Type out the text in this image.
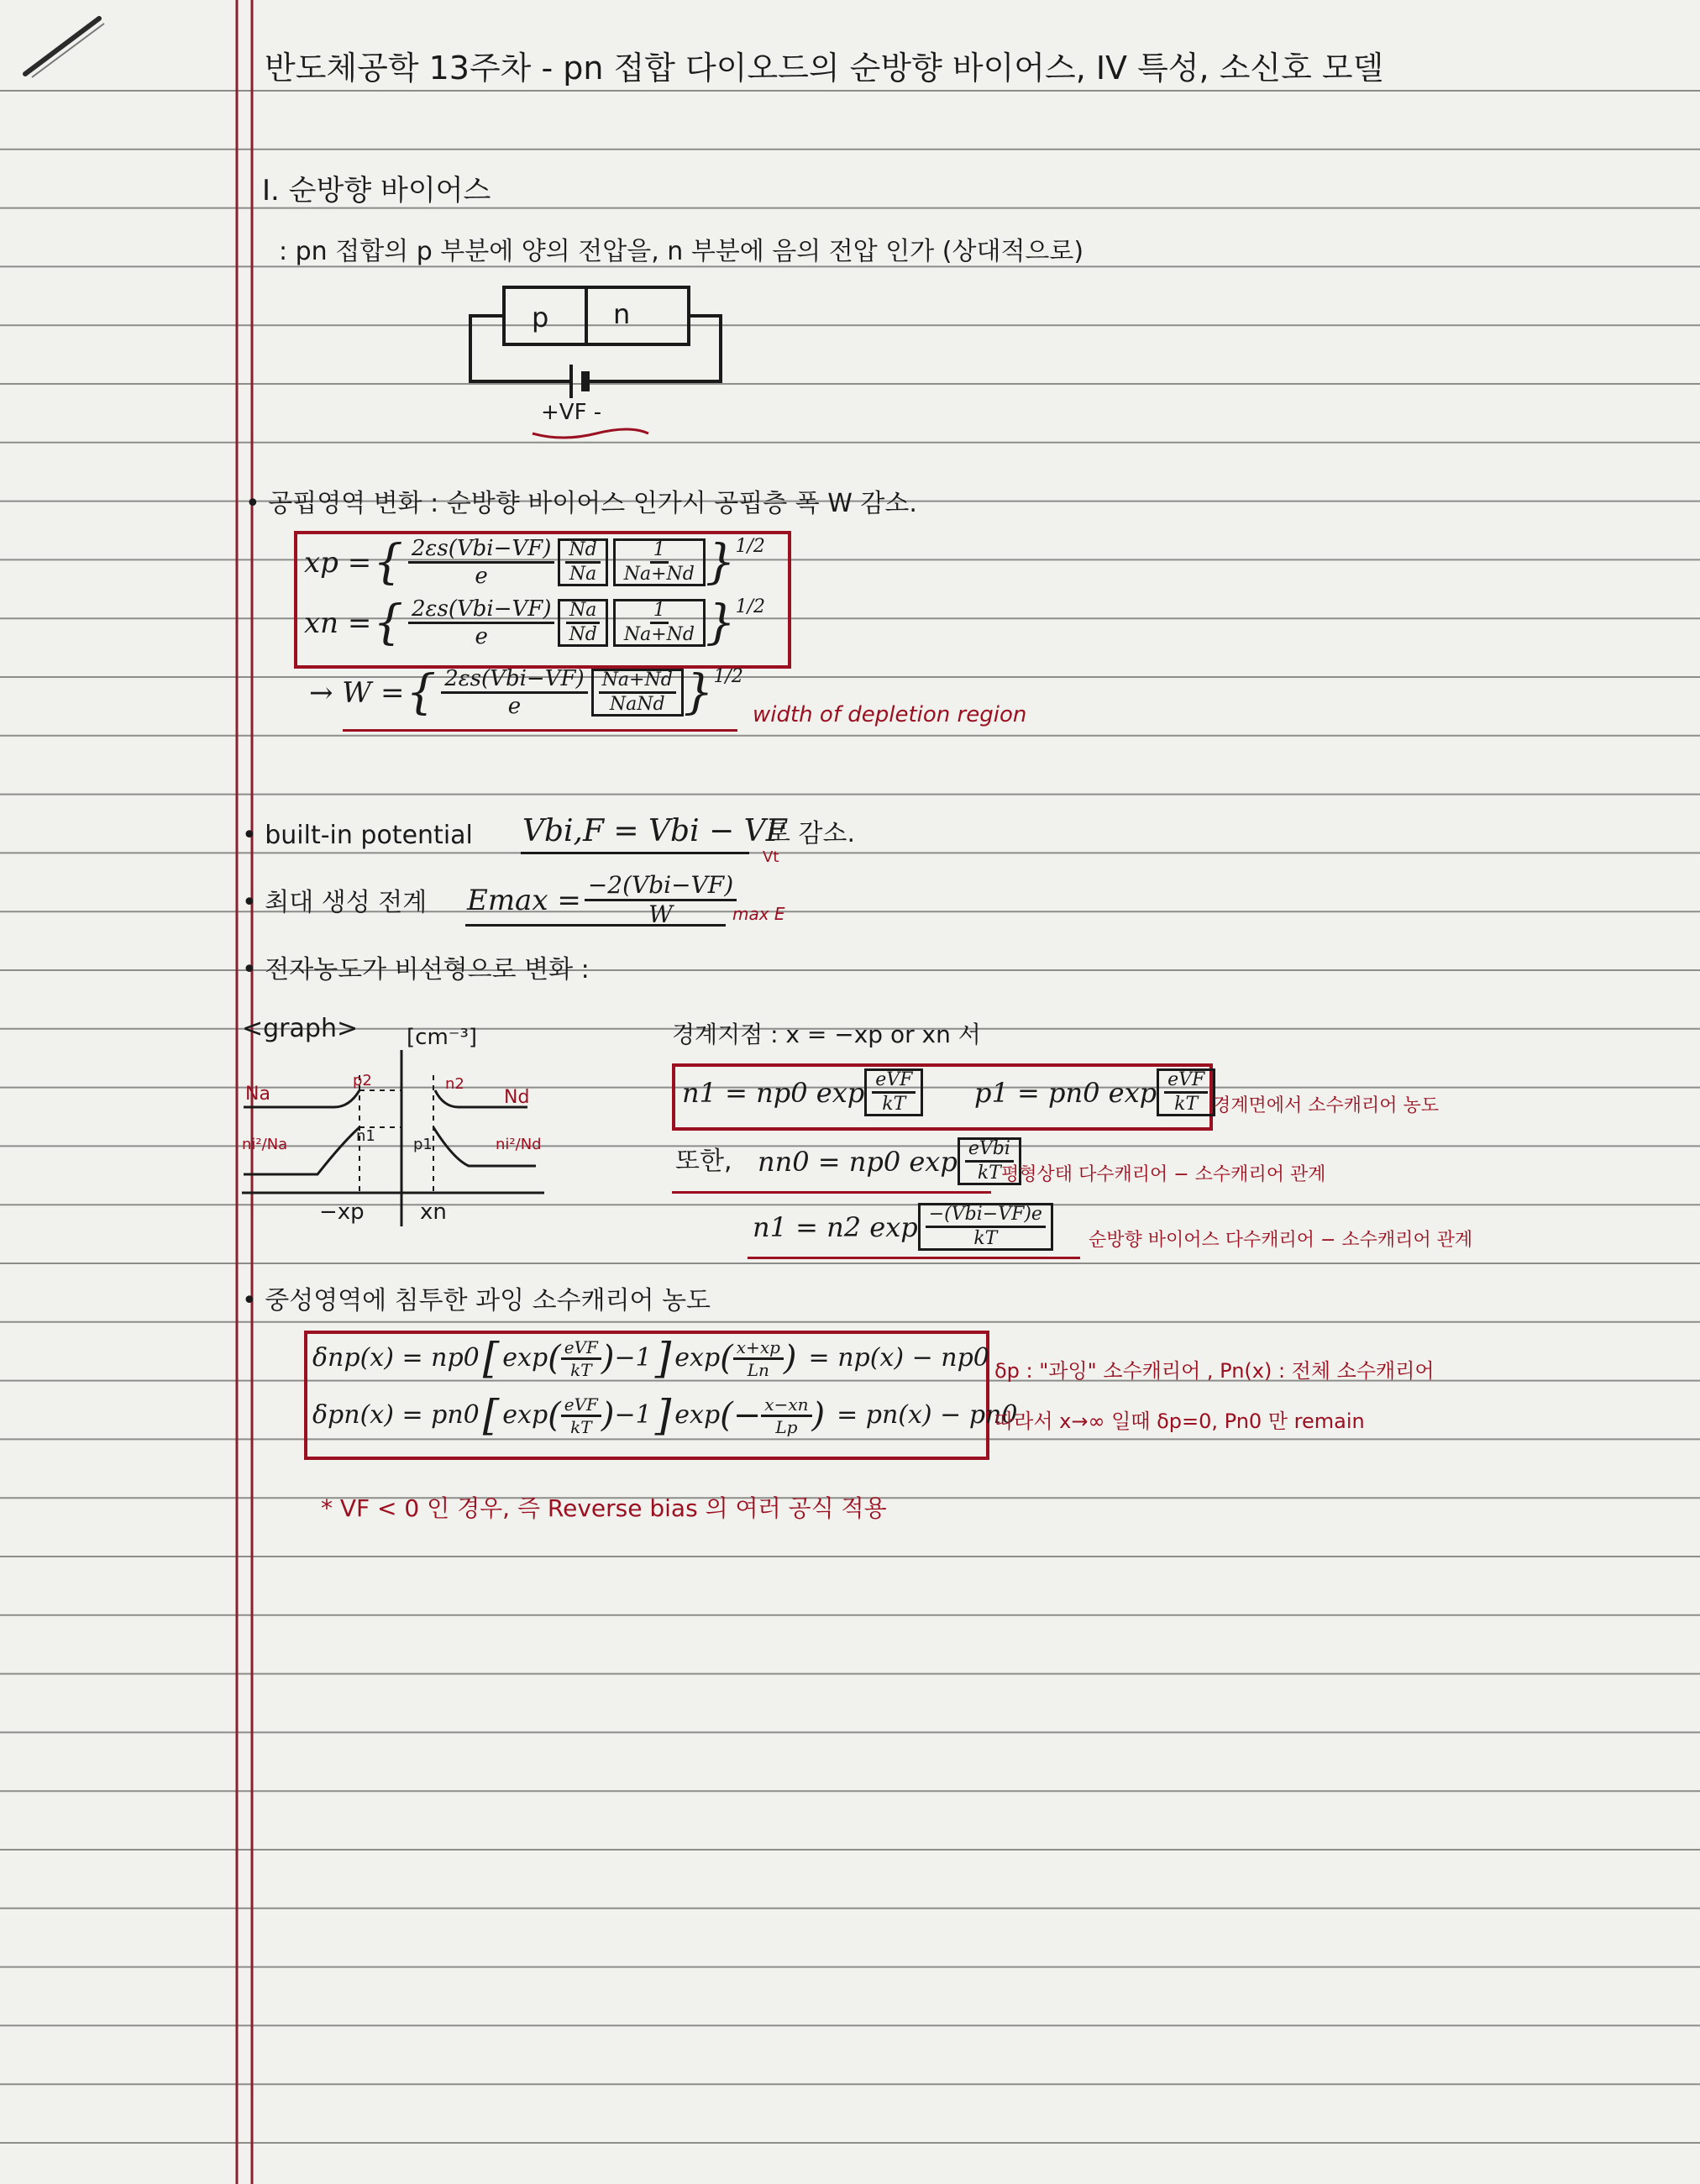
반도체공학 13주차 - pn 접합 다이오드의 순방향 바이어스, IV 특성, 소신호 모델
I. 순방향 바이어스
: pn 접합의 p 부분에 양의 전압을, n 부분에 음의 전압 인가 (상대적으로)
p n
+VF -
• 공핍영역 변화 : 순방향 바이어스 인가시 공핍층 폭 W 감소.
xp = { $\frac{\text{2εs(Vbi−VF)}}{e} \frac{Nd}{Na} \frac{1}{Na+Nd} \}^{1/2}$
xn = { $\frac{\text{2εs(Vbi−VF)}}{e} \frac{Na}{Nd} \frac{1}{Na+Nd} \}^{1/2}$
→ W = { $\frac{\text{2εs(Vbi−VF)}}{e} \frac{Na+Nd}{\text{NaNd}} \}^{1/2}$
width of depletion region
• built-in potential Vbi,F = Vbi − VF
로 감소.
Vt
• 최대 생성 전계 $Emax = \frac{\text{−2(Vbi−VF)}}{W}$
max E
• 전자농도가 비선형으로 변화 :
<graph> [cm⁻³]
Na
ni²/Na
p2
n1
n2
Nd
p1	ni²/Nd
−xp	xn
경계지점 : x = −xp or xn 서
n1 = np0 $\exp \frac{\text{eVF}}{kT} p1 = pn0$ $\exp \frac{\text{eVF}}{kT}$ 경계면에서 소수캐리어 농도
또한, nn0 = np0 $\exp \frac{\text{eVbi}}{kT}$
평형상태 다수캐리어 − 소수캐리어 관계
n1 = n2 $\exp \frac{\text{−(Vbi−VF)e}}{kT}$ 순방향 바이어스 다수캐리어 − 소수캐리어 관계
• 중성영역에 침투한 과잉 소수캐리어 농도
δnp(x) = np0 [ exp ( $\frac{\text{eVF}}{kT}$ ) −1 ] exp ( $\frac{x+xp}{Ln}$ ) = np(x) − np0
δpn(x) = pn0 [ exp ( $\frac{\text{eVF}}{kT}$ ) −1 ] exp (− $\frac{x-xn}{Lp}$ ) = pn(x) − pn0
δp : "과잉" 소수캐리어 , Pn(x) : 전체 소수캐리어
따라서 x→∞ 일때 δp=0, Pn0 만 remain
* VF < 0 인 경우, 즉 Reverse bias 의 여러 공식 적용
